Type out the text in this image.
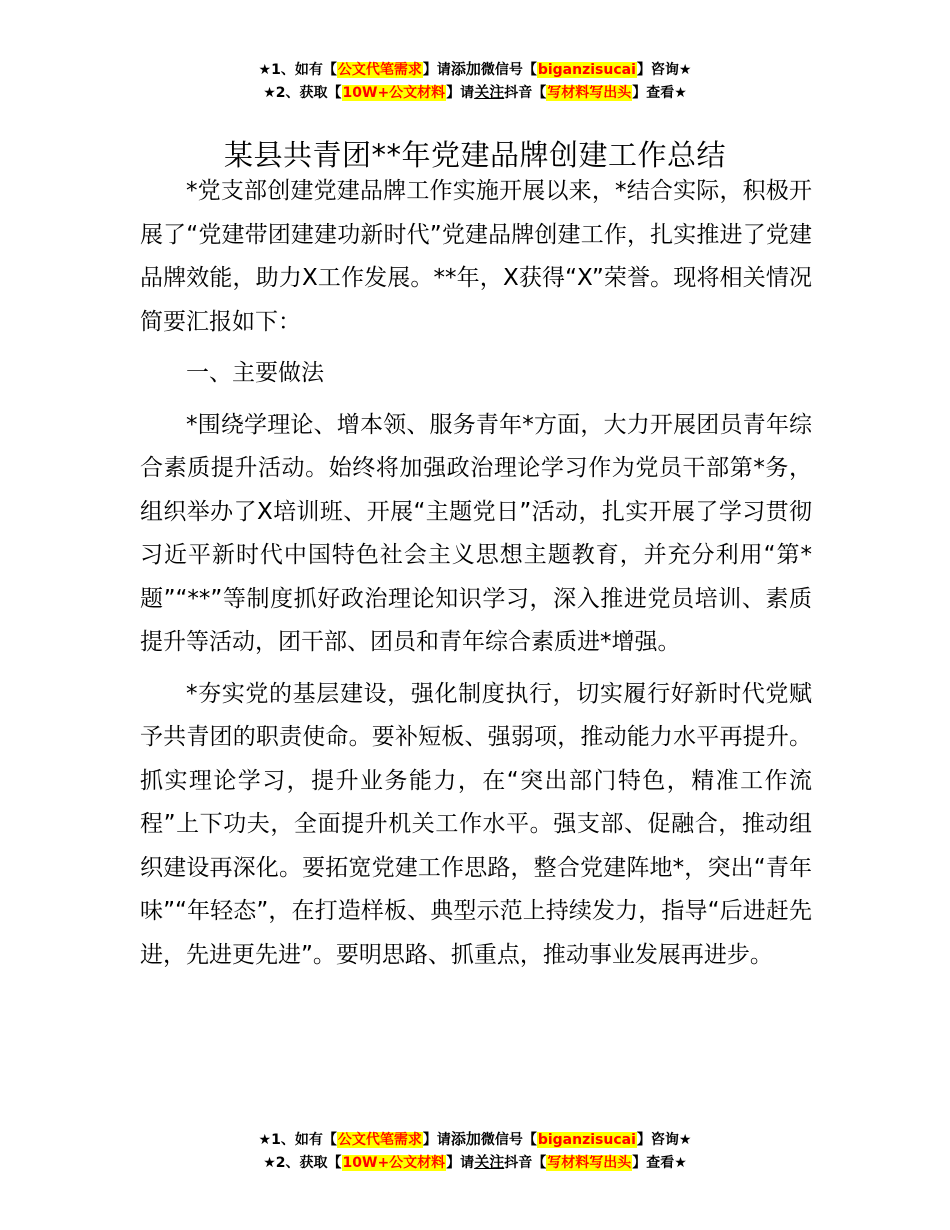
★1、如有【公文代笔需求】请添加微信号【biganzisucai】咨询★
★2、获取【10W+公文材料】请关注抖音【写材料写出头】查看★
某县共青团**年党建品牌创建工作总结

*党支部创建党建品牌工作实施开展以来，*结合实际，积极开展了“党建带团建建功新时代”党建品牌创建工作，扎实推进了党建品牌效能，助力X工作发展。**年，X获得“X”荣誉。现将相关情况简要汇报如下：

一、主要做法

*围绕学理论、增本领、服务青年*方面，大力开展团员青年综合素质提升活动。始终将加强政治理论学习作为党员干部第*务，组织举办了X培训班、开展“主题党日”活动，扎实开展了学习贯彻习近平新时代中国特色社会主义思想主题教育，并充分利用“第*题”“**”等制度抓好政治理论知识学习，深入推进党员培训、素质提升等活动，团干部、团员和青年综合素质进*增强。

*夯实党的基层建设，强化制度执行，切实履行好新时代党赋予共青团的职责使命。要补短板、强弱项，推动能力水平再提升。抓实理论学习，提升业务能力，在“突出部门特色，精准工作流程”上下功夫，全面提升机关工作水平。强支部、促融合，推动组织建设再深化。要拓宽党建工作思路，整合党建阵地*，突出“青年味”“年轻态”，在打造样板、典型示范上持续发力，指导“后进赶先进，先进更先进”。要明思路、抓重点，推动事业发展再进步。

★1、如有【公文代笔需求】请添加微信号【biganzisucai】咨询★
★2、获取【10W+公文材料】请关注抖音【写材料写出头】查看★
